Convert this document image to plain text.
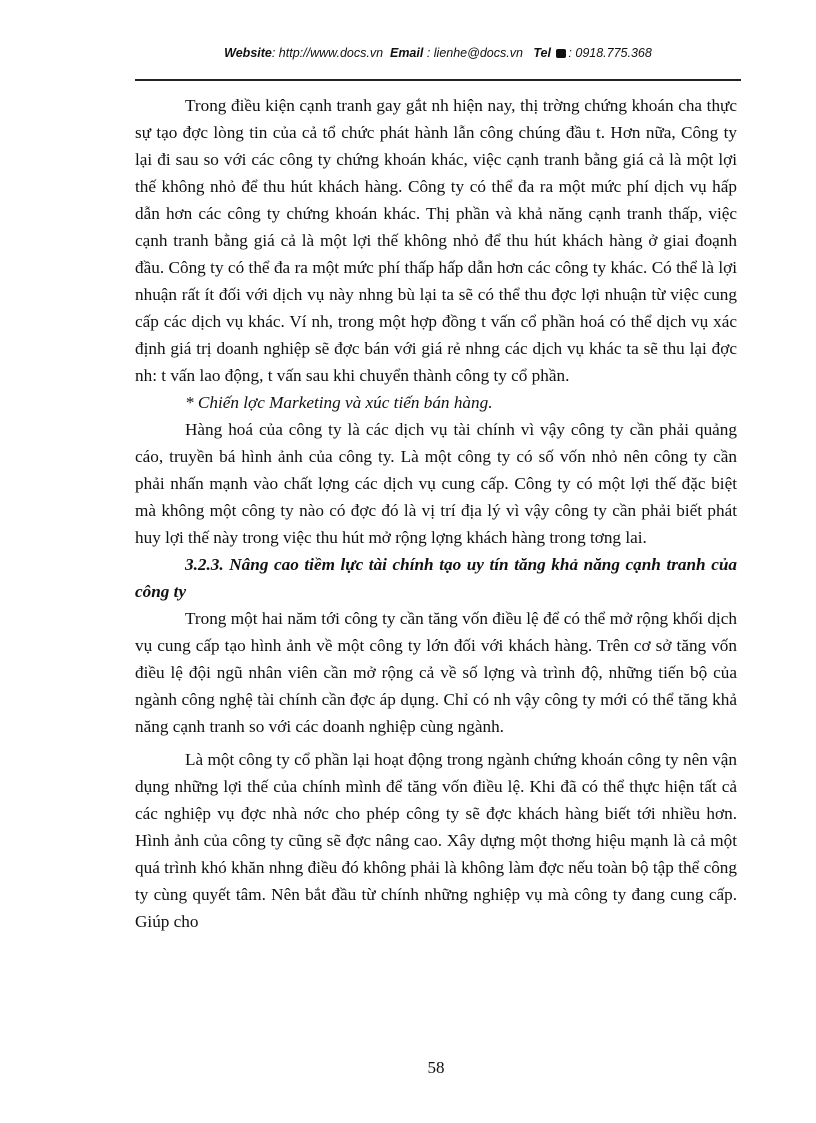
Website: http://www.docs.vn Email : lienhe@docs.vn Tel : 0918.775.368

Trong điều kiện cạnh tranh gay gắt nh hiện nay, thị trờng chứng khoán cha thực sự tạo đợc lòng tin của cả tổ chức phát hành lẫn công chúng đầu t. Hơn nữa, Công ty lại đi sau so với các công ty chứng khoán khác, việc cạnh tranh bằng giá cả là một lợi thế không nhỏ để thu hút khách hàng. Công ty có thể đa ra một mức phí dịch vụ hấp dẫn hơn các công ty chứng khoán khác. Thị phần và khả năng cạnh tranh thấp, việc cạnh tranh bằng giá cả là một lợi thế không nhỏ để thu hút khách hàng ở giai đoạnh đầu. Công ty có thể đa ra một mức phí thấp hấp dẫn hơn các công ty khác. Có thể là lợi nhuận rất ít đối với dịch vụ này nhng bù lại ta sẽ có thể thu đợc lợi nhuận từ việc cung cấp các dịch vụ khác. Ví nh, trong một hợp đồng t vấn cổ phần hoá có thể dịch vụ xác định giá trị doanh nghiệp sẽ đợc bán với giá rẻ nhng các dịch vụ khác ta sẽ thu lại đợc nh: t vấn lao động, t vấn sau khi chuyển thành công ty cổ phần.

* Chiến lợc Marketing và xúc tiến bán hàng.

Hàng hoá của công ty là các dịch vụ tài chính vì vậy công ty cần phải quảng cáo, truyền bá hình ảnh của công ty. Là một công ty có số vốn nhỏ nên công ty cần phải nhấn mạnh vào chất lợng các dịch vụ cung cấp. Công ty có một lợi thế đặc biệt mà không một công ty nào có đợc đó là vị trí địa lý vì vậy công ty cần phải biết phát huy lợi thế này trong việc thu hút mở rộng lợng khách hàng trong tơng lai.

3.2.3. Nâng cao tiềm lực tài chính tạo uy tín tăng khả năng cạnh tranh của công ty

Trong một hai năm tới công ty cần tăng vốn điều lệ để có thể mở rộng khối dịch vụ cung cấp tạo hình ảnh về một công ty lớn đối với khách hàng. Trên cơ sở tăng vốn điều lệ đội ngũ nhân viên cần mở rộng cả về số lợng và trình độ, những tiến bộ của ngành công nghệ tài chính cần đợc áp dụng. Chỉ có nh vậy công ty mới có thể tăng khả năng cạnh tranh so với các doanh nghiệp cùng ngành.

Là một công ty cổ phần lại hoạt động trong ngành chứng khoán công ty nên vận dụng những lợi thế của chính mình để tăng vốn điều lệ. Khi đã có thể thực hiện tất cả các nghiệp vụ đợc nhà nớc cho phép công ty sẽ đợc khách hàng biết tới nhiều hơn. Hình ảnh của công ty cũng sẽ đợc nâng cao. Xây dựng một thơng hiệu mạnh là cả một quá trình khó khăn nhng điều đó không phải là không làm đợc nếu toàn bộ tập thể công ty cùng quyết tâm. Nên bắt đầu từ chính những nghiệp vụ mà công ty đang cung cấp. Giúp cho

58
